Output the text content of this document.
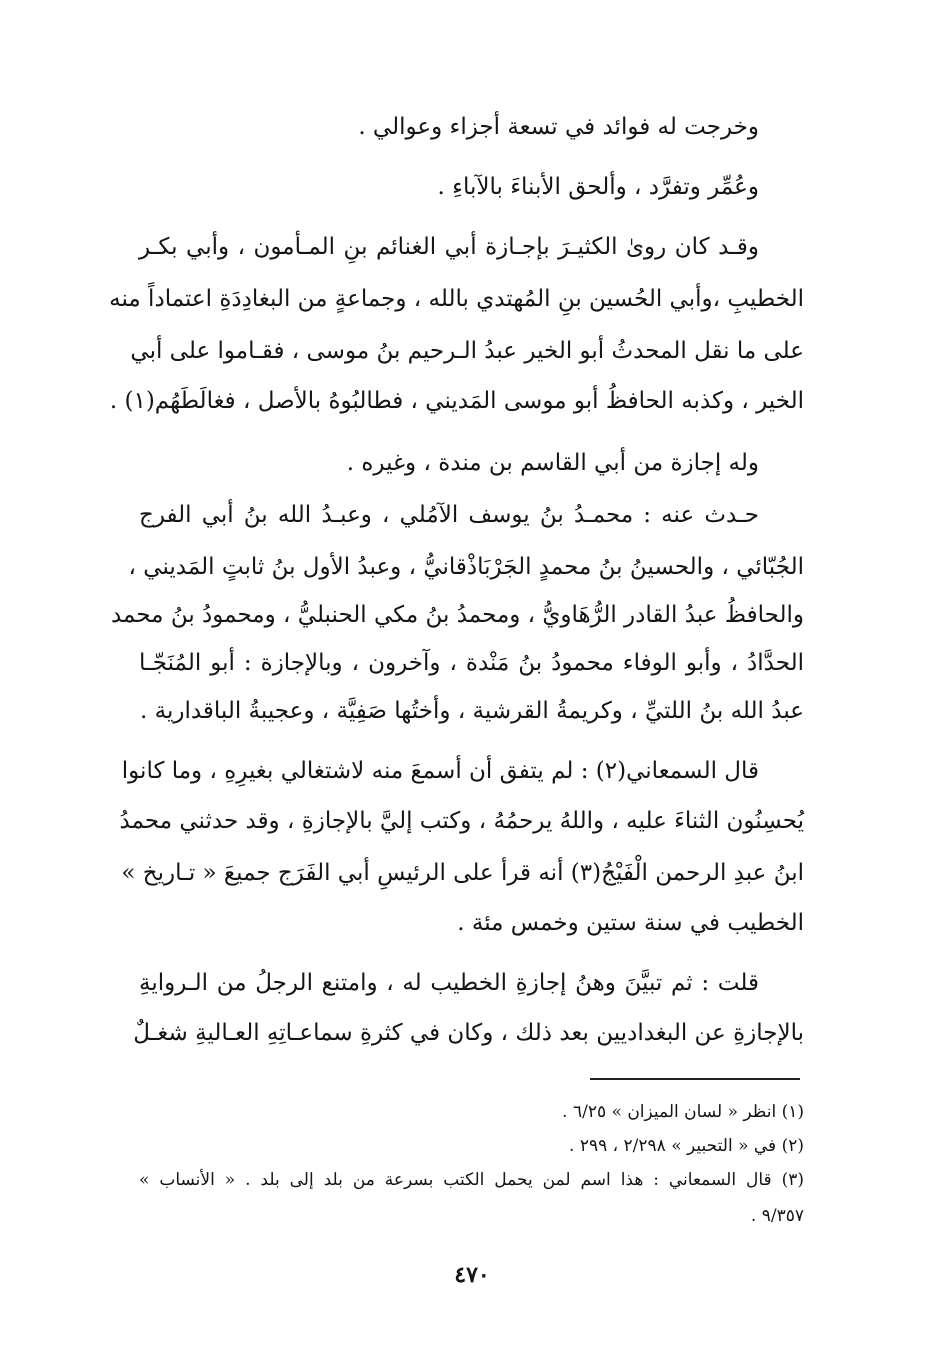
وخرجت له فوائد في تسعة أجزاء وعوالي .
وعُمِّر وتفرَّد ، وألحق الأبناءَ بالآباءِ .
وقـد كان روىٰ الكثيـرَ بإجـازة أبي الغنائم بنِ المـأمون ، وأبي بكـر
الخطيبِ ،وأبي الحُسين بنِ المُهتدي بالله ، وجماعةٍ من البغادِدَةِ اعتماداً منه
على ما نقل المحدثُ أبو الخير عبدُ الـرحيم بنُ موسى ، فقـاموا على أبي
الخير ، وكذبه الحافظُ أبو موسى المَديني ، فطالبُوهُ بالأصل ، فغالَطَهُم(١) .
وله إجازة من أبي القاسم بن مندة ، وغيره .
حـدث عنه : محمـدُ بنُ يوسف الآمُلي ، وعبـدُ الله بنُ أبي الفرج
الجُبّائي ، والحسينُ بنُ محمدٍ الجَرْبَاذْقانيُّ ، وعبدُ الأول بنُ ثابتٍ المَديني ،
والحافظُ عبدُ القادر الرُّهَاويُّ ، ومحمدُ بنُ مكي الحنبليُّ ، ومحمودُ بنُ محمد
الحدَّادُ ، وأبو الوفاء محمودُ بنُ مَنْدة ، وآخرون ، وبالإجازة : أبو المُنَجّـا
عبدُ الله بنُ اللتيِّ ، وكريمةُ القرشية ، وأختُها صَفِيَّة ، وعجيبةُ الباقدارية .
قال السمعاني(٢) : لم يتفق أن أسمعَ منه لاشتغالي بغيرِهِ ، وما كانوا
يُحسِنُون الثناءَ عليه ، واللهُ يرحمُهُ ، وكتب إليَّ بالإجازةِ ، وقد حدثني محمدُ
ابنُ عبدِ الرحمن الْفَيْجُ(٣) أنه قرأ على الرئيسِ أبي الفَرَج جميعَ « تـاريخ »
الخطيب في سنة ستين وخمس مئة .
قلت : ثم تبيَّنَ وهنُ إجازةِ الخطيب له ، وامتنع الرجلُ من الـروايةِ
بالإجازةِ عن البغداديين بعد ذلك ، وكان في كثرةِ سماعـاتِهِ العـاليةِ شغـلٌ
(١) انظر « لسان الميزان » ٦/٢٥ .
(٢) في « التحبير » ٢/٢٩٨ ، ٢٩٩ .
(٣) قال السمعاني : هذا اسم لمن يحمل الكتب بسرعة من بلد إلى بلد . « الأنساب »
٩/٣٥٧ .
٤٧٠
